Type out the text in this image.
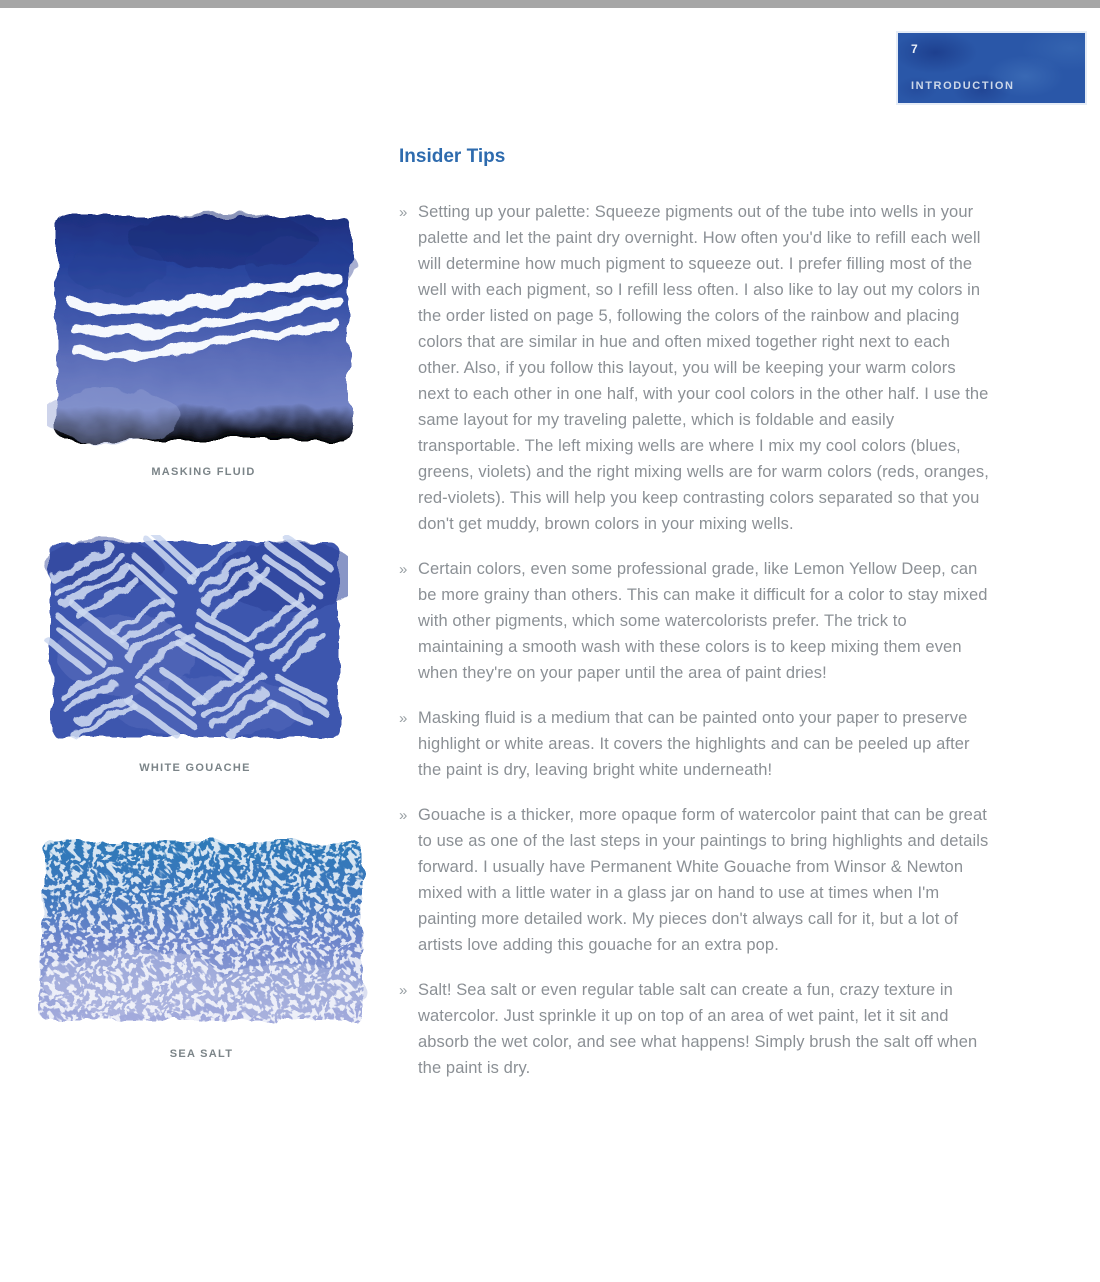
7
INTRODUCTION
MASKING FLUID
WHITE GOUACHE
SEA SALT
Insider Tips
» Setting up your palette: Squeeze pigments out of the tube into wells in your palette and let the paint dry overnight. How often you'd like to refill each well will determine how much pigment to squeeze out. I prefer filling most of the well with each pigment, so I refill less often. I also like to lay out my colors in the order listed on page 5, following the colors of the rainbow and placing colors that are similar in hue and often mixed together right next to each other. Also, if you follow this layout, you will be keeping your warm colors next to each other in one half, with your cool colors in the other half. I use the same layout for my traveling palette, which is foldable and easily transportable. The left mixing wells are where I mix my cool colors (blues, greens, violets) and the right mixing wells are for warm colors (reds, oranges, red-violets). This will help you keep contrasting colors separated so that you don't get muddy, brown colors in your mixing wells.

» Certain colors, even some professional grade, like Lemon Yellow Deep, can be more grainy than others. This can make it difficult for a color to stay mixed with other pigments, which some watercolorists prefer. The trick to maintaining a smooth wash with these colors is to keep mixing them even when they're on your paper until the area of paint dries!

» Masking fluid is a medium that can be painted onto your paper to preserve highlight or white areas. It covers the highlights and can be peeled up after the paint is dry, leaving bright white underneath!

» Gouache is a thicker, more opaque form of watercolor paint that can be great to use as one of the last steps in your paintings to bring highlights and details forward. I usually have Permanent White Gouache from Winsor & Newton mixed with a little water in a glass jar on hand to use at times when I'm painting more detailed work. My pieces don't always call for it, but a lot of artists love adding this gouache for an extra pop.

» Salt! Sea salt or even regular table salt can create a fun, crazy texture in watercolor. Just sprinkle it up on top of an area of wet paint, let it sit and absorb the wet color, and see what happens! Simply brush the salt off when the paint is dry.
